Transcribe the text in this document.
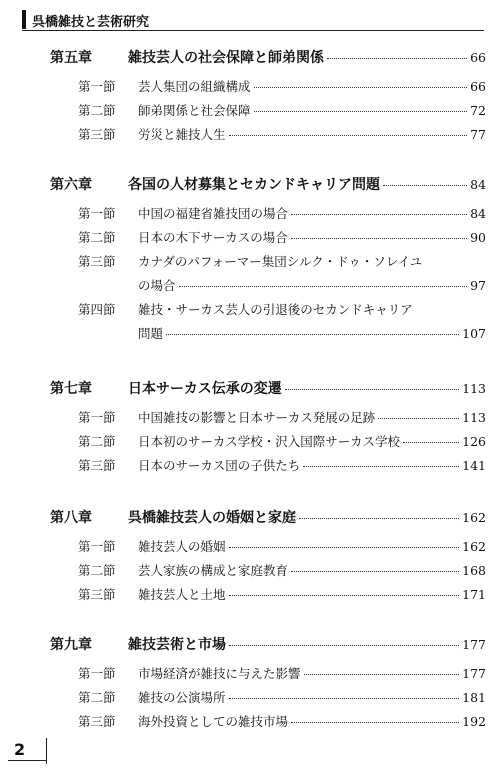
呉橋雑技と芸術研究
第五章	雑技芸人の社会保障と師弟関係	66
第一節	芸人集団の組織構成	66
第二節	師弟関係と社会保障	72
第三節	労災と雑技人生	77
第六章	各国の人材募集とセカンドキャリア問題	84
第一節	中国の福建省雑技団の場合	84
第二節	日本の木下サーカスの場合	90
第三節	カナダのパフォーマー集団シルク・ドゥ・ソレイユ
の場合	97
第四節	雑技・サーカス芸人の引退後のセカンドキャリア
問題	107
第七章	日本サーカス伝承の変遷	113
第一節	中国雑技の影響と日本サーカス発展の足跡	113
第二節	日本初のサーカス学校・沢入国際サーカス学校	126
第三節	日本のサーカス団の子供たち	141
第八章	呉橋雑技芸人の婚姻と家庭	162
第一節	雑技芸人の婚姻	162
第二節	芸人家族の構成と家庭教育	168
第三節	雑技芸人と土地	171
第九章	雑技芸術と市場	177
第一節	市場経済が雑技に与えた影響	177
第二節	雑技の公演場所	181
第三節	海外投資としての雑技市場	192
2
